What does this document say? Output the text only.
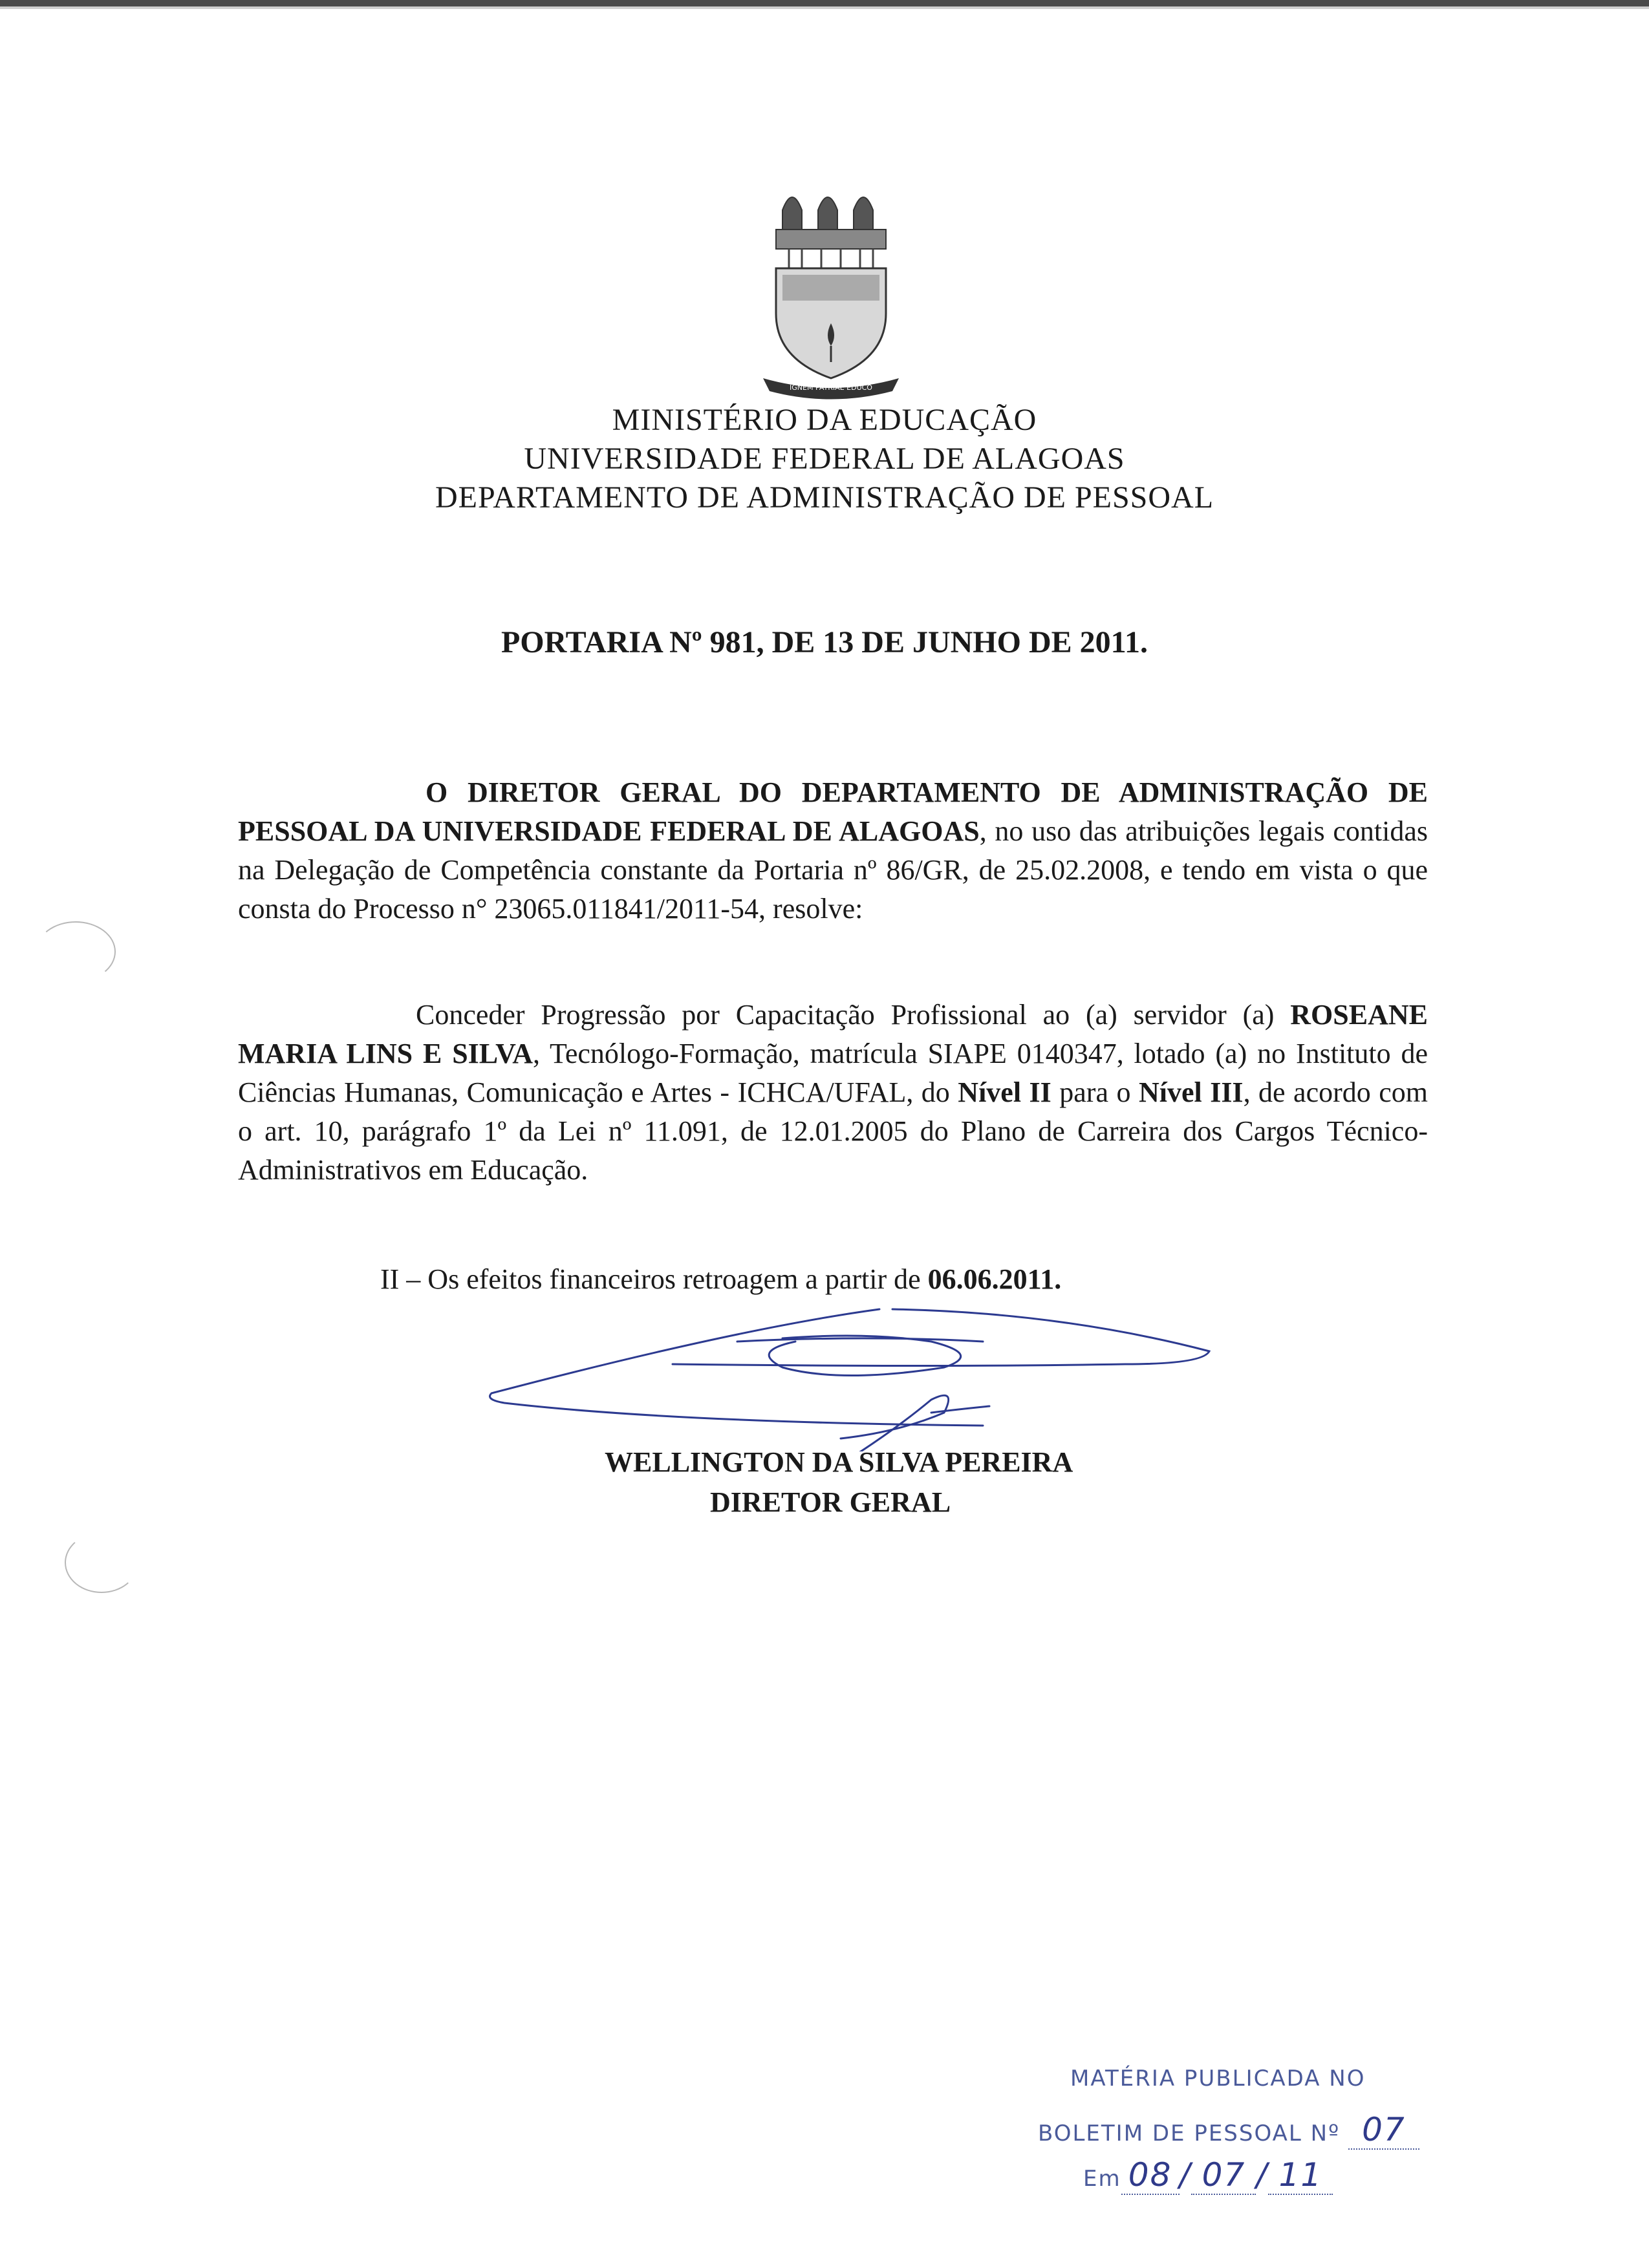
IGNEM PATRIAE EDUCO
MINISTÉRIO DA EDUCAÇÃO
UNIVERSIDADE FEDERAL DE ALAGOAS
DEPARTAMENTO DE ADMINISTRAÇÃO DE PESSOAL
PORTARIA Nº 981, DE 13 DE JUNHO DE 2011.
O DIRETOR GERAL DO DEPARTAMENTO DE ADMINISTRAÇÃO DE PESSOAL DA UNIVERSIDADE FEDERAL DE ALAGOAS, no uso das atribuições legais contidas na Delegação de Competência constante da Portaria nº 86/GR, de 25.02.2008, e tendo em vista o que consta do Processo n° 23065.011841/2011-54, resolve:
Conceder Progressão por Capacitação Profissional ao (a) servidor (a) ROSEANE MARIA LINS E SILVA, Tecnólogo-Formação, matrícula SIAPE 0140347, lotado (a) no Instituto de Ciências Humanas, Comunicação e Artes - ICHCA/UFAL, do Nível II para o Nível III, de acordo com o art. 10, parágrafo 1º da Lei nº 11.091, de 12.01.2005 do Plano de Carreira dos Cargos Técnico-Administrativos em Educação.
II – Os efeitos financeiros retroagem a partir de 06.06.2011.
WELLINGTON DA SILVA PEREIRA
DIRETOR GERAL
MATÉRIA PUBLICADA NO
BOLETIM DE PESSOAL Nº 07
Em 08 / 07 / 11
